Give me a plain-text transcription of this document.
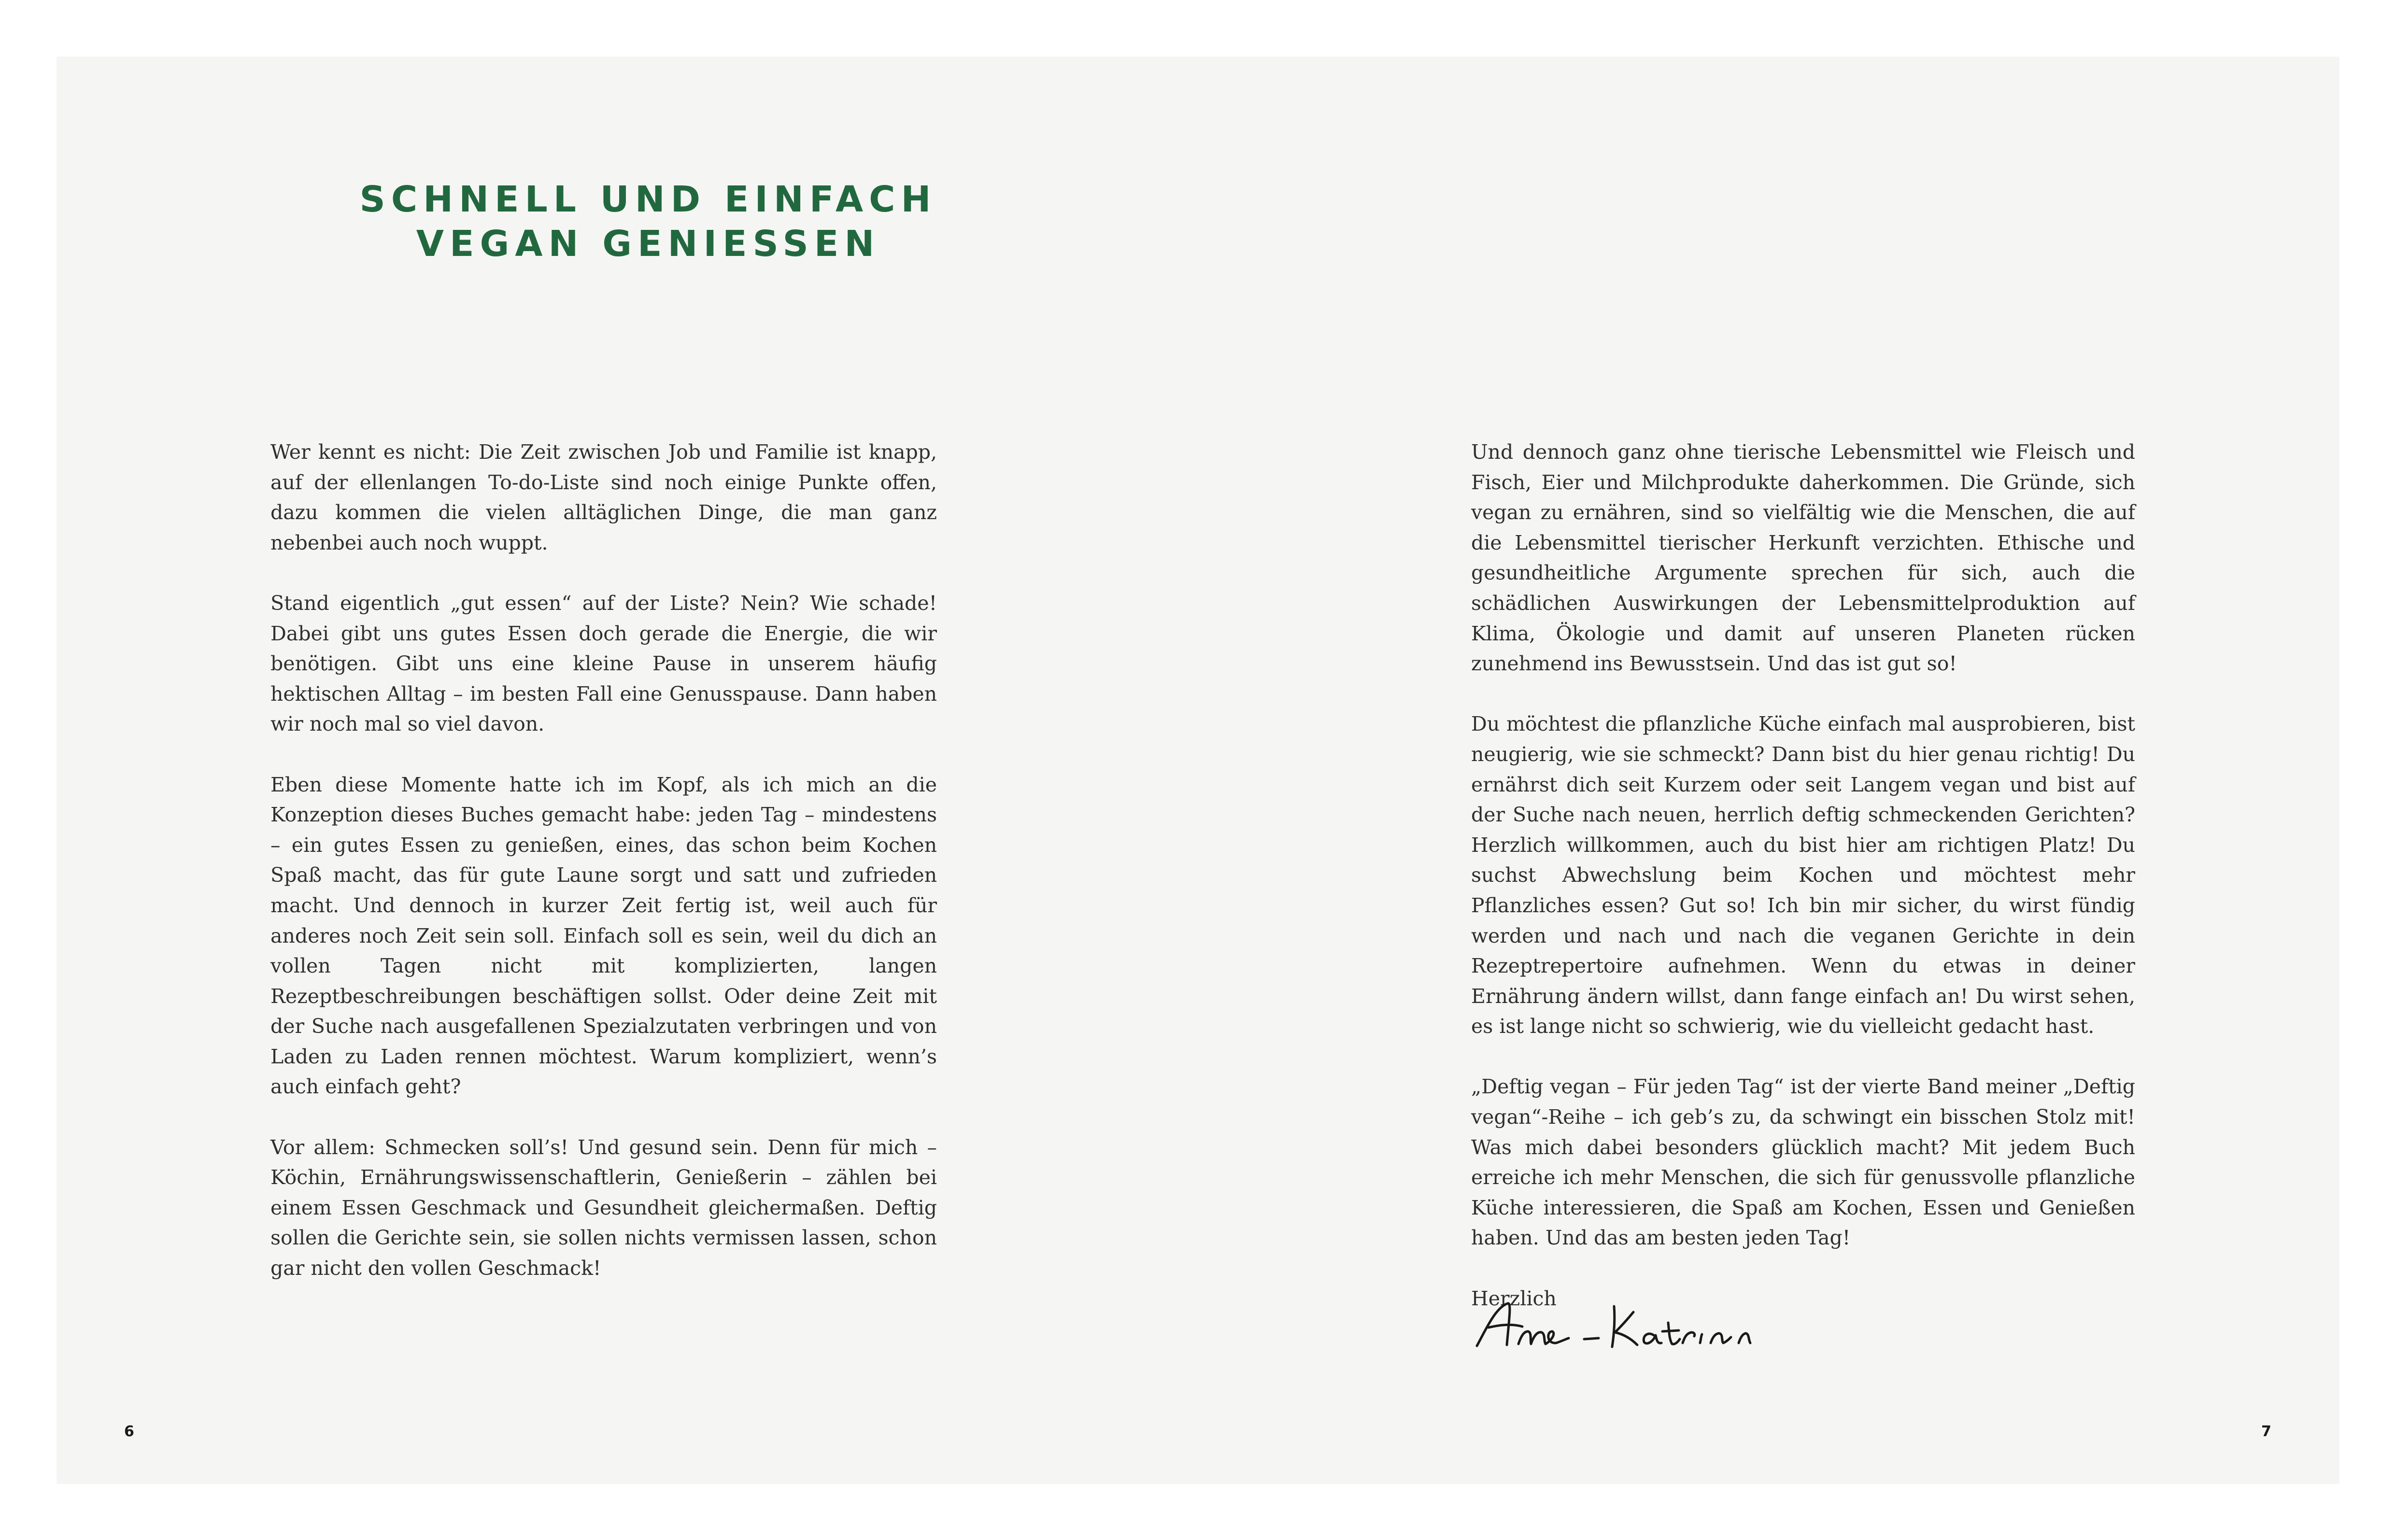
SCHNELL UND EINFACH
VEGAN GENIESSEN

Wer kennt es nicht: Die Zeit zwischen Job und Familie ist knapp, auf der ellenlangen To-do-Liste sind noch einige Punkte offen, dazu kommen die vielen alltäglichen Dinge, die man ganz nebenbei auch noch wuppt.

Stand eigentlich „gut essen“ auf der Liste? Nein? Wie schade! Dabei gibt uns gutes Essen doch gerade die Energie, die wir benötigen. Gibt uns eine kleine Pause in unserem häufig hektischen Alltag – im besten Fall eine Genusspause. Dann haben wir noch mal so viel davon.

Eben diese Momente hatte ich im Kopf, als ich mich an die Konzeption dieses Buches gemacht habe: jeden Tag – mindestens – ein gutes Essen zu genießen, eines, das schon beim Kochen Spaß macht, das für gute Laune sorgt und satt und zufrieden macht. Und dennoch in kurzer Zeit fertig ist, weil auch für anderes noch Zeit sein soll. Einfach soll es sein, weil du dich an vollen Tagen nicht mit komplizierten, langen Rezeptbeschreibungen beschäftigen sollst. Oder deine Zeit mit der Suche nach ausgefallenen Spezialzutaten verbringen und von Laden zu Laden rennen möchtest. Warum kompliziert, wenn’s auch einfach geht?

Vor allem: Schmecken soll’s! Und gesund sein. Denn für mich – Köchin, Ernährungswissenschaftlerin, Genießerin – zählen bei einem Essen Geschmack und Gesundheit gleichermaßen. Deftig sollen die Gerichte sein, sie sollen nichts vermissen lassen, schon gar nicht den vollen Geschmack!

Und dennoch ganz ohne tierische Lebensmittel wie Fleisch und Fisch, Eier und Milchprodukte daherkommen. Die Gründe, sich vegan zu ernähren, sind so vielfältig wie die Menschen, die auf die Lebensmittel tierischer Herkunft verzichten. Ethische und gesundheitliche Argumente sprechen für sich, auch die schädlichen Auswirkungen der Lebensmittelproduktion auf Klima, Ökologie und damit auf unseren Planeten rücken zunehmend ins Bewusstsein. Und das ist gut so!

Du möchtest die pflanzliche Küche einfach mal ausprobieren, bist neugierig, wie sie schmeckt? Dann bist du hier genau richtig! Du ernährst dich seit Kurzem oder seit Langem vegan und bist auf der Suche nach neuen, herrlich deftig schmeckenden Gerichten? Herzlich willkommen, auch du bist hier am richtigen Platz! Du suchst Abwechslung beim Kochen und möchtest mehr Pflanzliches essen? Gut so! Ich bin mir sicher, du wirst fündig werden und nach und nach die veganen Gerichte in dein Rezeptrepertoire aufnehmen. Wenn du etwas in deiner Ernährung ändern willst, dann fange einfach an! Du wirst sehen, es ist lange nicht so schwierig, wie du vielleicht gedacht hast.

„Deftig vegan – Für jeden Tag“ ist der vierte Band meiner „Deftig vegan“-Reihe – ich geb’s zu, da schwingt ein bisschen Stolz mit! Was mich dabei besonders glücklich macht? Mit jedem Buch erreiche ich mehr Menschen, die sich für genussvolle pflanzliche Küche interessieren, die Spaß am Kochen, Essen und Genießen haben. Und das am besten jeden Tag!

Herzlich

6	7
